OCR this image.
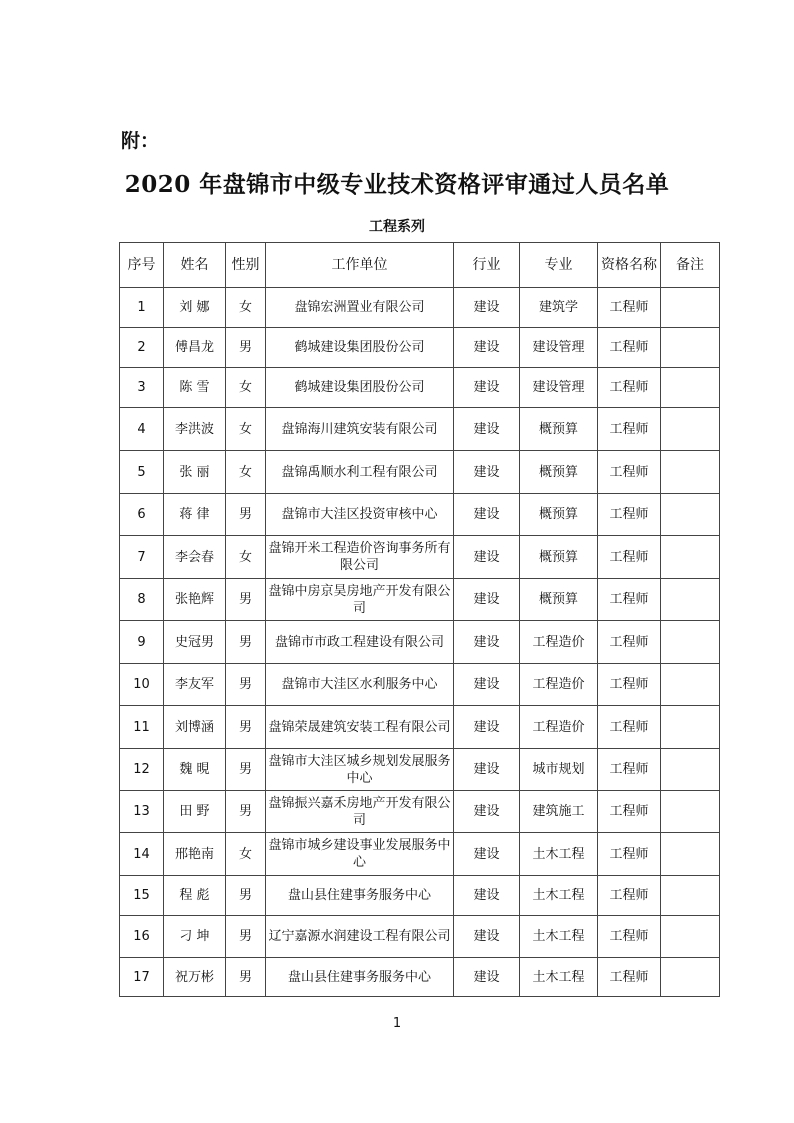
附：
2020 年盘锦市中级专业技术资格评审通过人员名单
工程系列
序号	姓名	性别	工作单位	行业	专业	资格名称	备注

1	刘 娜	女	盘锦宏洲置业有限公司	建设	建筑学	工程师	

2	傅昌龙	男	鹤城建设集团股份公司	建设	建设管理	工程师	

3	陈 雪	女	鹤城建设集团股份公司	建设	建设管理	工程师	

4	李洪波	女	盘锦海川建筑安装有限公司	建设	概预算	工程师	

5	张 丽	女	盘锦禹顺水利工程有限公司	建设	概预算	工程师	

6	蒋 律	男	盘锦市大洼区投资审核中心	建设	概预算	工程师	

7	李会春	女	盘锦开米工程造价咨询事务所有限公司	建设	概预算	工程师	

8	张艳辉	男	盘锦中房京昊房地产开发有限公司	建设	概预算	工程师	

9	史冠男	男	盘锦市市政工程建设有限公司	建设	工程造价	工程师	

10	李友军	男	盘锦市大洼区水利服务中心	建设	工程造价	工程师	

11	刘博涵	男	盘锦荣晟建筑安装工程有限公司	建设	工程造价	工程师	

12	魏 晛	男	盘锦市大洼区城乡规划发展服务中心	建设	城市规划	工程师	

13	田 野	男	盘锦振兴嘉禾房地产开发有限公司	建设	建筑施工	工程师	

14	邢艳南	女	盘锦市城乡建设事业发展服务中心	建设	土木工程	工程师	

15	程 彪	男	盘山县住建事务服务中心	建设	土木工程	工程师	

16	刁 坤	男	辽宁嘉源水润建设工程有限公司	建设	土木工程	工程师	

17	祝万彬	男	盘山县住建事务服务中心	建设	土木工程	工程师	

1
